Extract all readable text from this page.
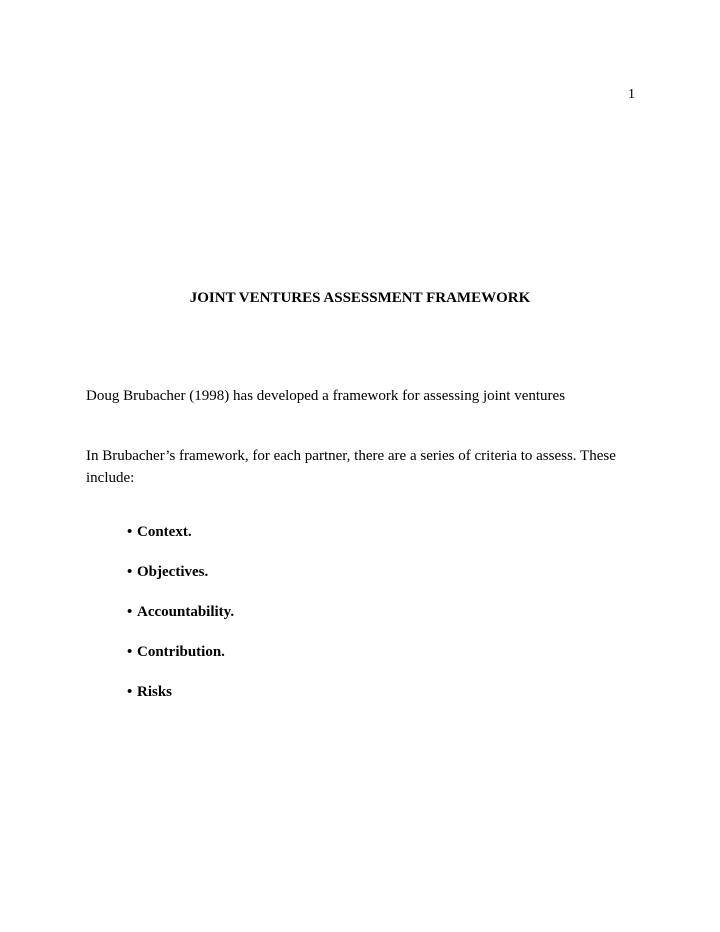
1
JOINT VENTURES ASSESSMENT FRAMEWORK
Doug Brubacher (1998) has developed a framework for assessing joint ventures
In Brubacher’s framework, for each partner, there are a series of criteria to assess. These include:
• Context.
• Objectives.
• Accountability.
• Contribution.
• Risks
